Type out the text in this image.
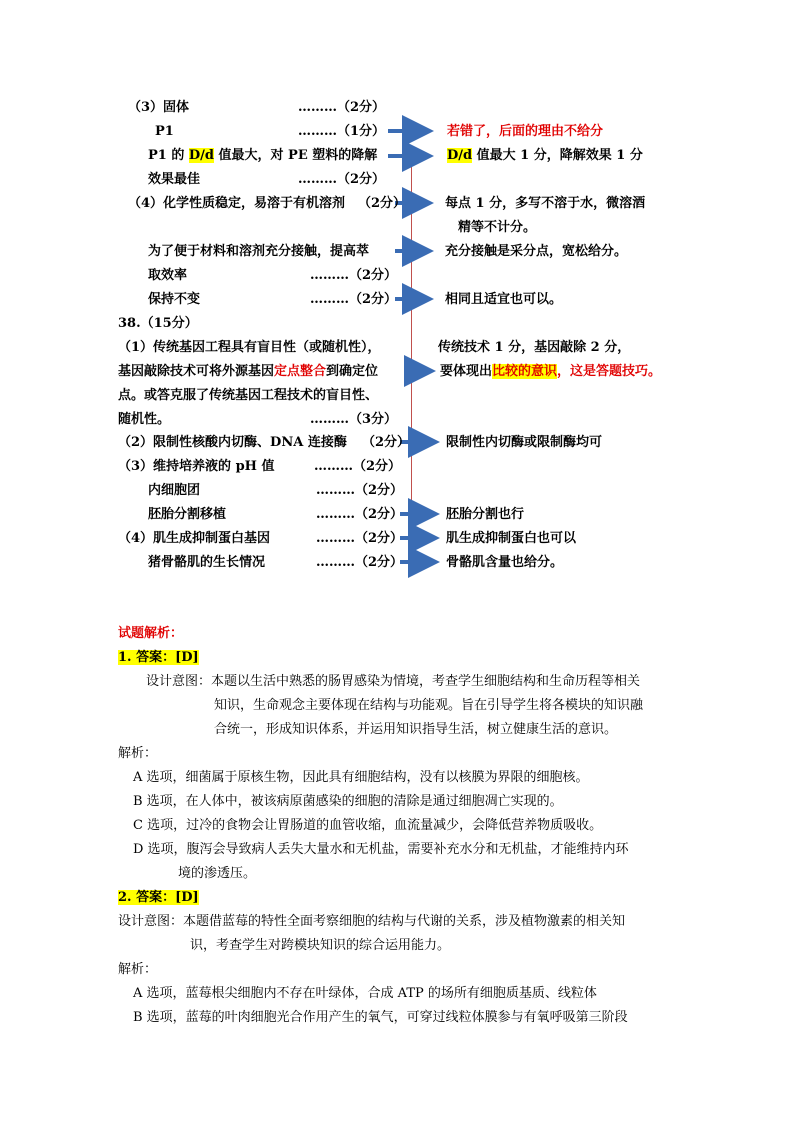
（3）固体	………（2分）
P1	………（1分）	若错了，后面的理由不给分
P1 的 D/d 值最大，对 PE 塑料的降解	D/d 值最大 1 分，降解效果 1 分
效果最佳	………（2分）
（4）化学性质稳定，易溶于有机溶剂 （2分）	每点 1 分，多写不溶于水，微溶酒
精等不计分。
为了便于材料和溶剂充分接触，提高萃	充分接触是采分点，宽松给分。
取效率	………（2分）
保持不变	………（2分）	相同且适宜也可以。
38.（15分）
（1）传统基因工程具有盲目性（或随机性），	传统技术 1 分，基因敲除 2 分，
基因敲除技术可将外源基因定点整合到确定位	要体现出比较的意识，这是答题技巧。
点。或答克服了传统基因工程技术的盲目性、
随机性。	………（3分）
（2）限制性核酸内切酶、DNA 连接酶 （2分）	限制性内切酶或限制酶均可
（3）维持培养液的 pH 值	………（2分）
内细胞团	………（2分）
胚胎分割移植	………（2分）	胚胎分割也行
（4）肌生成抑制蛋白基因	………（2分）	肌生成抑制蛋白也可以
猪骨骼肌的生长情况	………（2分）	骨骼肌含量也给分。
试题解析：
1. 答案：[D]
设计意图：本题以生活中熟悉的肠胃感染为情境，考查学生细胞结构和生命历程等相关
知识，生命观念主要体现在结构与功能观。旨在引导学生将各模块的知识融
合统一，形成知识体系，并运用知识指导生活，树立健康生活的意识。
解析：
A 选项，细菌属于原核生物，因此具有细胞结构，没有以核膜为界限的细胞核。
B 选项，在人体中，被该病原菌感染的细胞的清除是通过细胞凋亡实现的。
C 选项，过冷的食物会让胃肠道的血管收缩，血流量减少，会降低营养物质吸收。
D 选项，腹泻会导致病人丢失大量水和无机盐，需要补充水分和无机盐，才能维持内环
境的渗透压。
2. 答案：[D]
设计意图：本题借蓝莓的特性全面考察细胞的结构与代谢的关系，涉及植物激素的相关知
识，考查学生对跨模块知识的综合运用能力。
解析：
A 选项，蓝莓根尖细胞内不存在叶绿体，合成 ATP 的场所有细胞质基质、线粒体
B 选项，蓝莓的叶肉细胞光合作用产生的氧气，可穿过线粒体膜参与有氧呼吸第三阶段
